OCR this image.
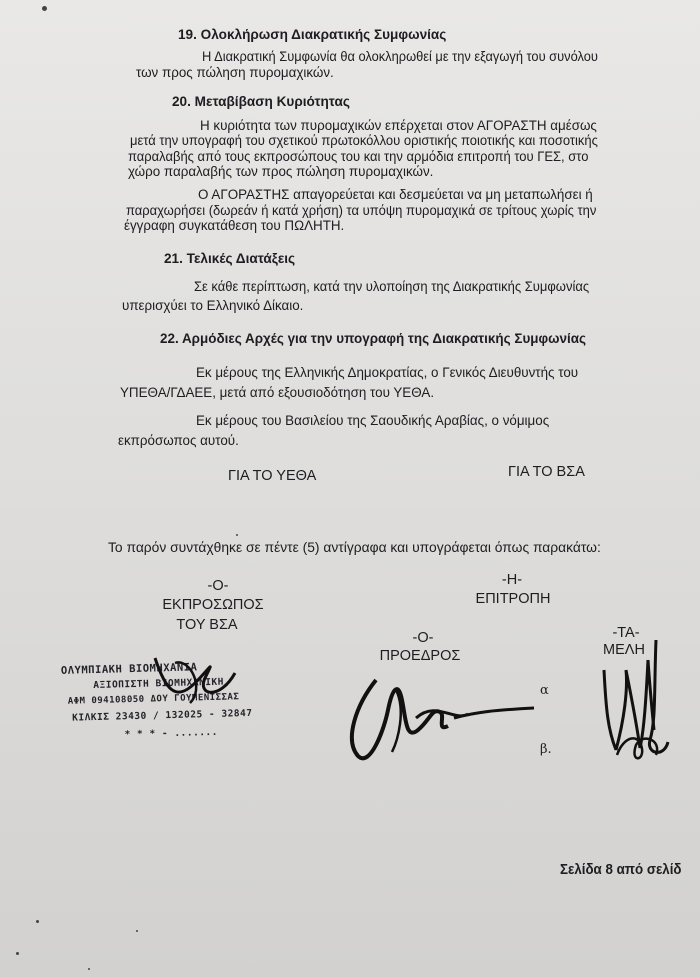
19. Ολοκλήρωση Διακρατικής Συμφωνίας
Η Διακρατική Συμφωνία θα ολοκληρωθεί με την εξαγωγή του συνόλου
των προς πώληση πυρομαχικών.
20. Μεταβίβαση Κυριότητας
Η κυριότητα των πυρομαχικών επέρχεται στον ΑΓΟΡΑΣΤΗ αμέσως
μετά την υπογραφή του σχετικού πρωτοκόλλου οριστικής ποιοτικής και ποσοτικής
παραλαβής από τους εκπροσώπους του και την αρμόδια επιτροπή του ΓΕΣ, στο
χώρο παραλαβής των προς πώληση πυρομαχικών.
Ο ΑΓΟΡΑΣΤΗΣ απαγορεύεται και δεσμεύεται να μη μεταπωλήσει ή
παραχωρήσει (δωρεάν ή κατά χρήση) τα υπόψη πυρομαχικά σε τρίτους χωρίς την
έγγραφη συγκατάθεση του ΠΩΛΗΤΗ.
21. Τελικές Διατάξεις
Σε κάθε περίπτωση, κατά την υλοποίηση της Διακρατικής Συμφωνίας
υπερισχύει το Ελληνικό Δίκαιο.
22. Αρμόδιες Αρχές για την υπογραφή της Διακρατικής Συμφωνίας
Εκ μέρους της Ελληνικής Δημοκρατίας, ο Γενικός Διευθυντής του
ΥΠΕΘΑ/ΓΔΑΕΕ, μετά από εξουσιοδότηση του ΥΕΘΑ.
Εκ μέρους του Βασιλείου της Σαουδικής Αραβίας, ο νόμιμος
εκπρόσωπος αυτού.
ΓΙΑ ΤΟ ΥΕΘΑ	ΓΙΑ ΤΟ ΒΣΑ
Το παρόν συντάχθηκε σε πέντε (5) αντίγραφα και υπογράφεται όπως παρακάτω:
-Ο-
ΕΚΠΡΟΣΩΠΟΣ
ΤΟΥ ΒΣΑ
-Η-
ΕΠΙΤΡΟΠΗ
-Ο-
ΠΡΟΕΔΡΟΣ
-ΤΑ-
ΜΕΛΗ
ΟΛΥΜΠΙΑΚΗ ΒΙΟΜΗΧΑΝΙΑ
ΑΞΙΟΠΙΣΤΗ ΒΙΟΜΗΧΑΝΙΚΗ
ΑΦΜ 094108050 ΔΟΥ ΓΟΥΜΕΝΙΣΣΑΣ
ΚΙΛΚΙΣ 23430 / 132025 - 32847
* * * - .......
α
β.
Σελίδα 8 από σελίδ
